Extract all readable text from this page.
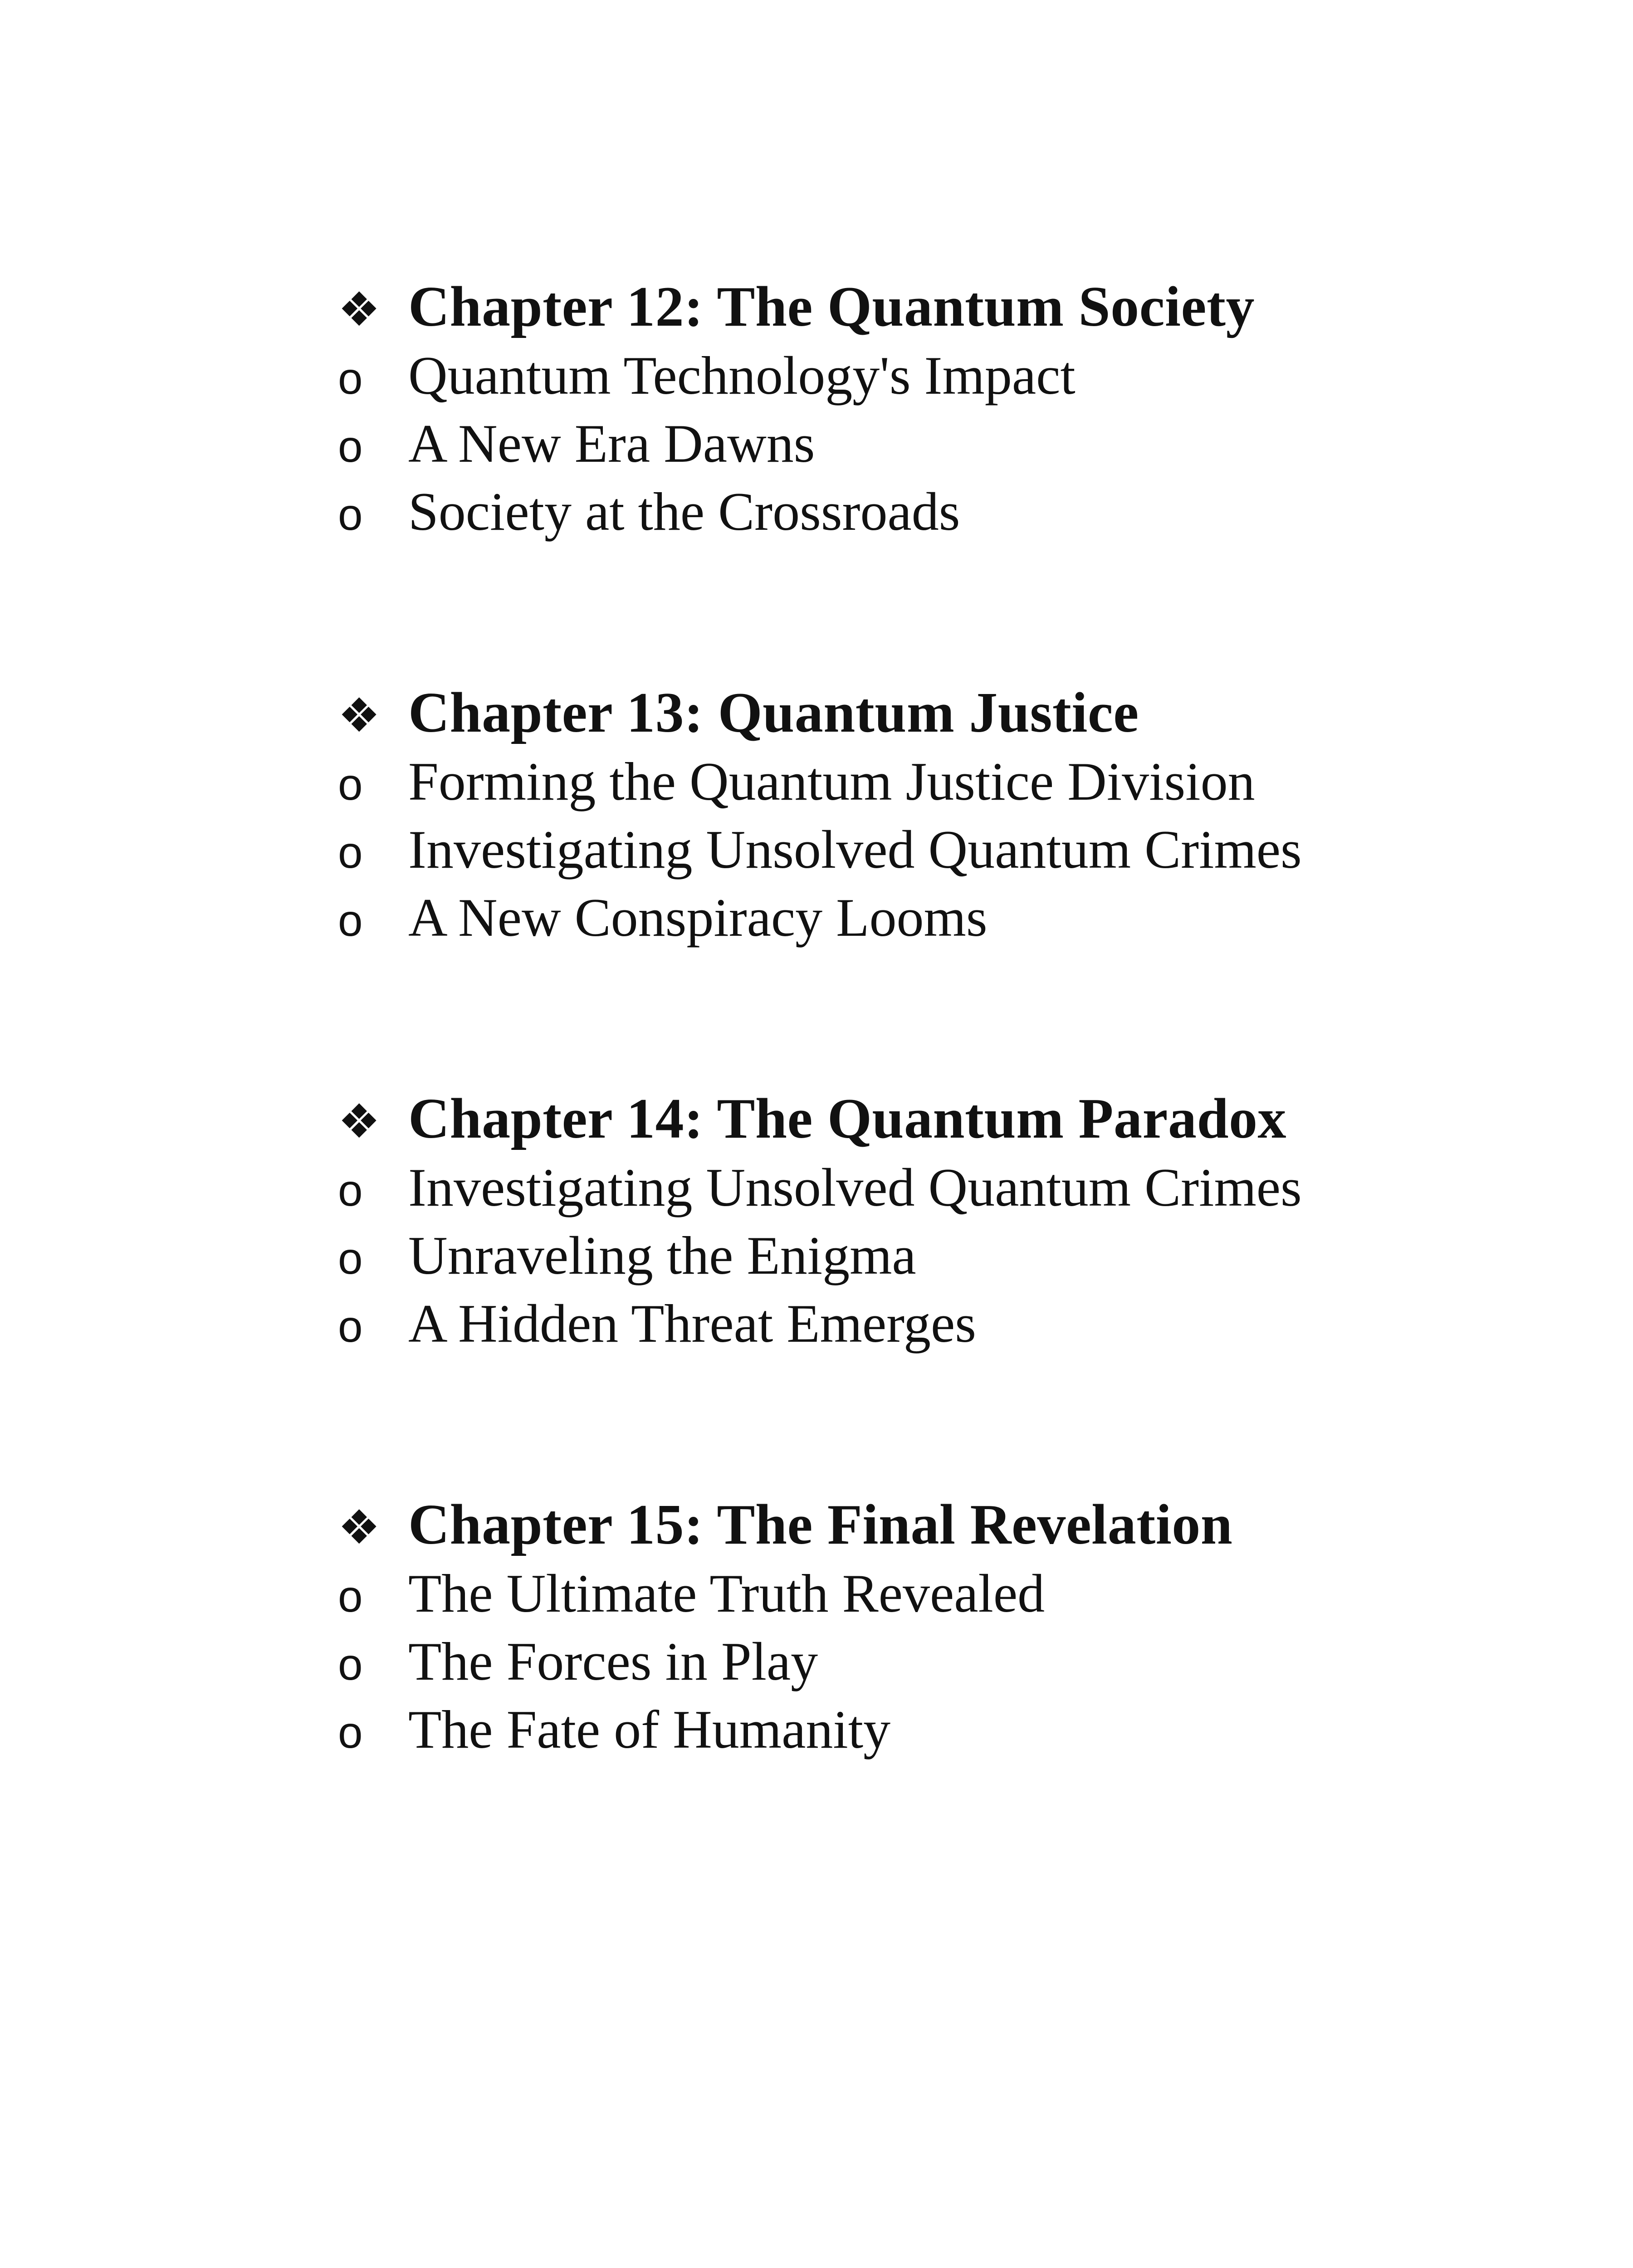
❖ Chapter 12: The Quantum Society
o Quantum Technology's Impact
o A New Era Dawns
o Society at the Crossroads
❖ Chapter 13: Quantum Justice
o Forming the Quantum Justice Division
o Investigating Unsolved Quantum Crimes
o A New Conspiracy Looms
❖ Chapter 14: The Quantum Paradox
o Investigating Unsolved Quantum Crimes
o Unraveling the Enigma
o A Hidden Threat Emerges
❖ Chapter 15: The Final Revelation
o The Ultimate Truth Revealed
o The Forces in Play
o The Fate of Humanity
